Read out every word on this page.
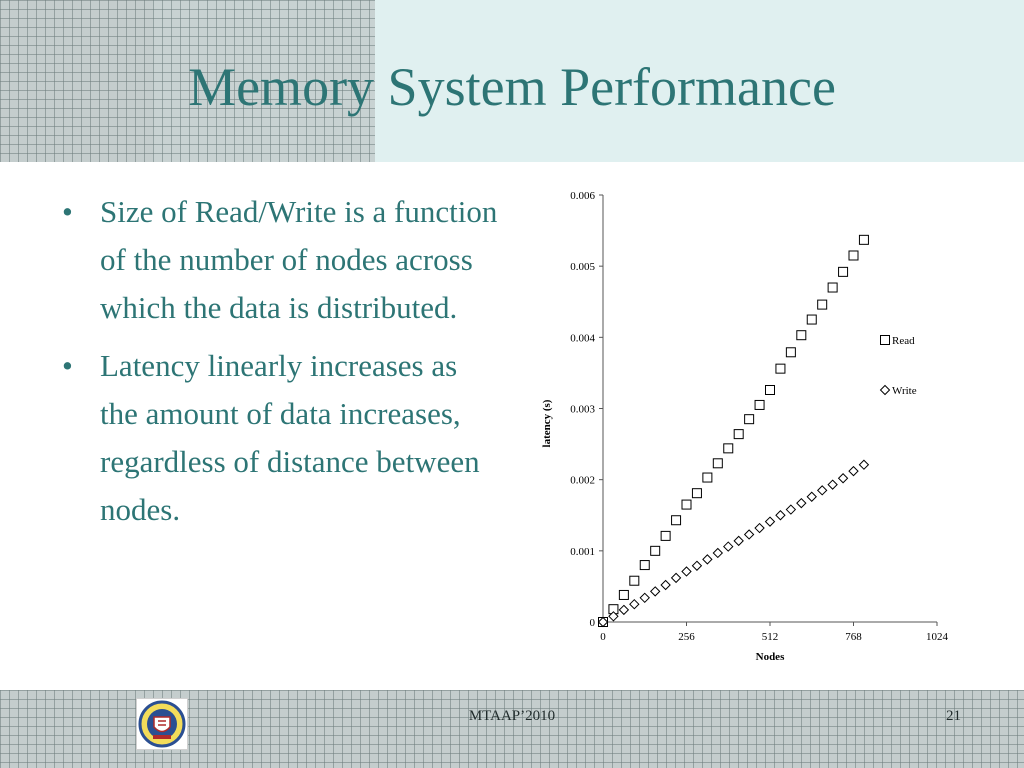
Memory System Performance
• Size of Read/Write is a function of the number of nodes across which the data is distributed.
• Latency linearly increases as the amount of data increases, regardless of distance between nodes.
0
0.001
0.002
0.003
0.004
0.005
0.006
0	256	512	768	1024
Nodes
latency (s)
Read
Write
MTAAP’2010	21
